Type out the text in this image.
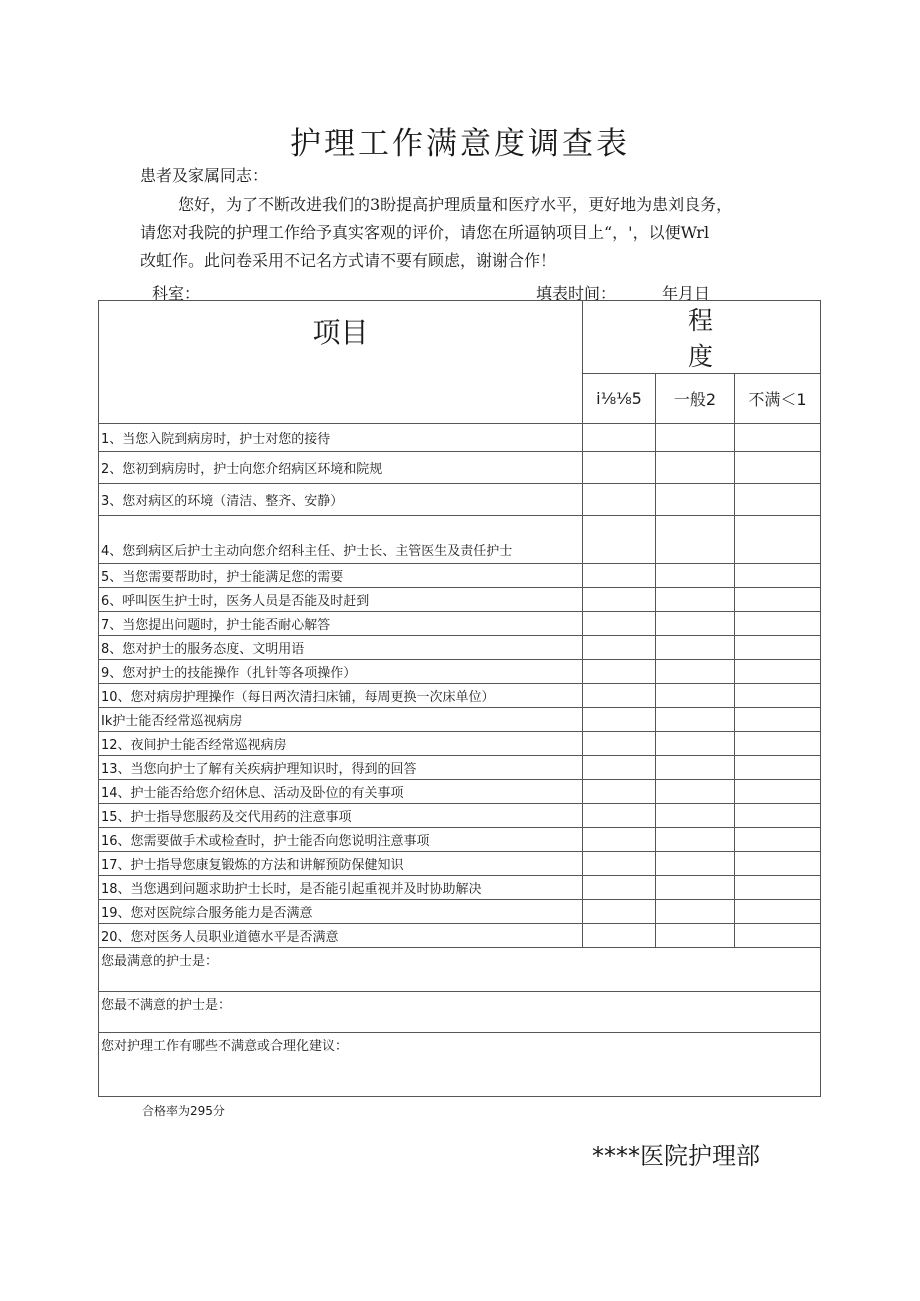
护理工作满意度调查表
患者及家属同志：
您好，为了不断改进我们的3盼提高护理质量和医疗水平，更好地为患刘良务，
请您对我院的护理工作给予真实客观的评价，请您在所逼钠项目上“，'，以便Wrl
改虹作。此问卷采用不记名方式请不要有顾虑，谢谢合作！
科室：	填表时间：	年月日
项目	程度		
	i⅛⅛5	一般2	不满＜1
1、当您入院到病房时，护士对您的接待			
2、您初到病房时，护士向您介绍病区环境和院规			
3、您对病区的环境（清洁、整齐、安静）			
4、您到病区后护士主动向您介绍科主任、护士长、主管医生及责任护士			
5、当您需要帮助时，护士能满足您的需要			
6、呼叫医生护士时，医务人员是否能及时赶到			
7、当您提出问题时，护士能否耐心解答			
8、您对护士的服务态度、文明用语			
9、您对护士的技能操作（扎针等各项操作）			
10、您对病房护理操作（每日两次清扫床铺，每周更换一次床单位）			
Ik护士能否经常巡视病房			
12、夜间护士能否经常巡视病房			
13、当您向护士了解有关疾病护理知识时，得到的回答			
14、护士能否给您介绍休息、活动及卧位的有关事项			
15、护士指导您服药及交代用药的注意事项			
16、您需要做手术或检查时，护士能否向您说明注意事项			
17、护士指导您康复锻炼的方法和讲解预防保健知识			
18、当您遇到问题求助护士长时，是否能引起重视并及时协助解决			
19、您对医院综合服务能力是否满意			
20、您对医务人员职业道德水平是否满意			
您最满意的护士是：			
您最不满意的护士是：			
您对护理工作有哪些不满意或合理化建议：			
合格率为295分
****医院护理部
